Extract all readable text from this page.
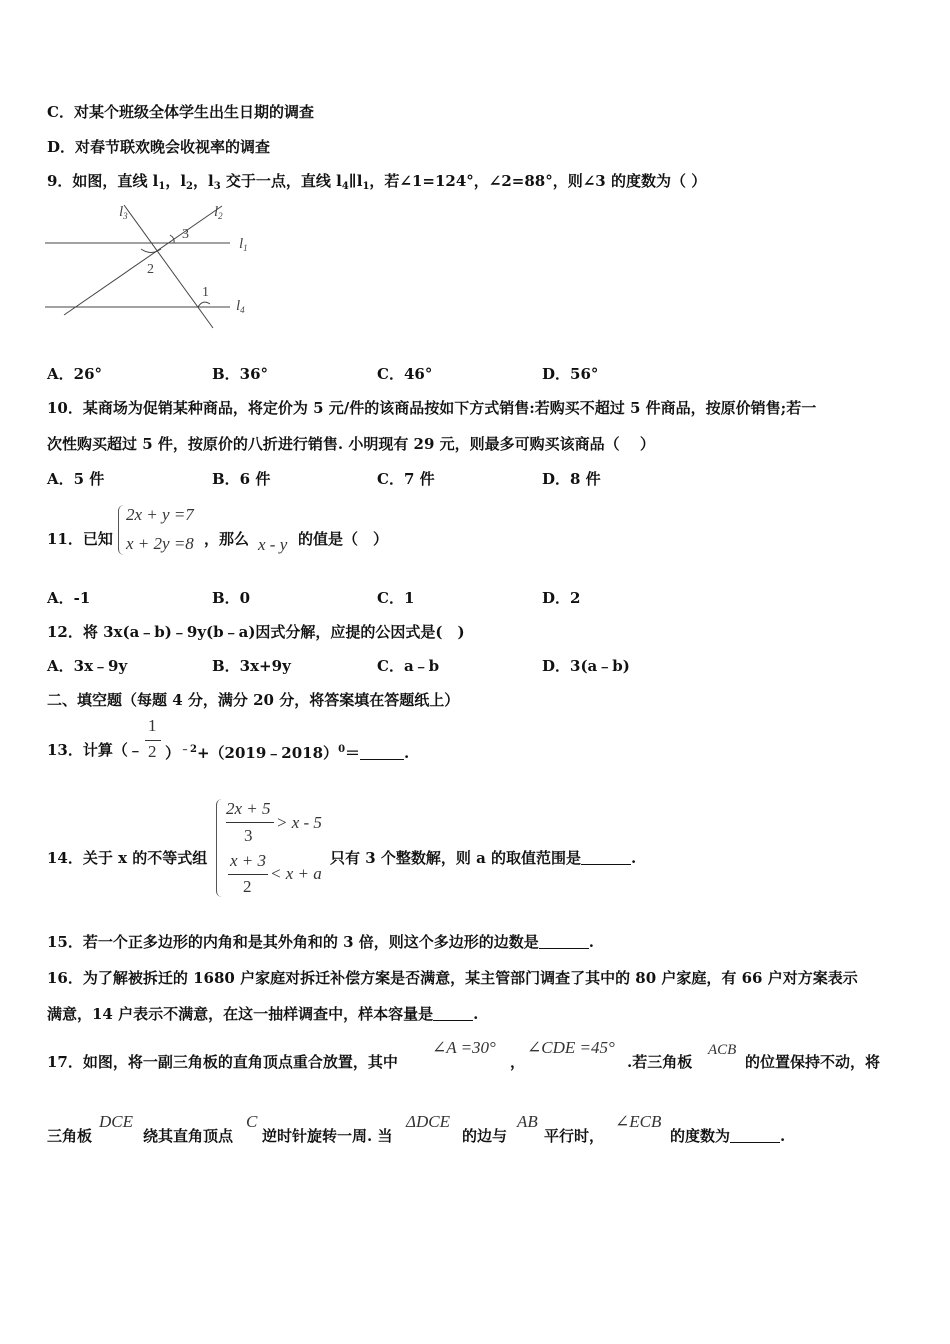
C．对某个班级全体学生出生日期的调查
D．对春节联欢晚会收视率的调查
9．如图，直线 $l_1$，$l_2$，$l_3$ 交于一点，直线 $l_4\parallel l_1$，若∠1=124°，∠2=88°，则∠3 的度数为（ ）
$l_3$	$l_2$
$l_1$
$l_4$
3
2
1
A．26°	B．36°	C．46°	D．56°
10．某商场为促销某种商品，将定价为 5 元/件的该商品按如下方式销售:若购买不超过 5 件商品，按原价销售;若一
次性购买超过 5 件，按原价的八折进行销售. 小明现有 29 元，则最多可购买该商品（　 ）
A．5 件	B．6 件	C．7 件	D．8 件
11．已知
2x + y =7
x + 2y =8 ，那么 x - y 的值是（　）
A．-1	B．0	C．1	D．2
12．将 3x(a﹣b)﹣9y(b﹣a)因式分解，应提的公因式是(　)
A．3x﹣9y	B．3x+9y	C．a﹣b	D．3(a﹣b)
二、填空题（每题 4 分，满分 20 分，将答案填在答题纸上）
13．计算（﹣
1
2 ）$^{﹣2}$+（2019﹣2018）$^0$＝	.
14．关于 x 的不等式组
2x + 5
3
> x - 5
x + 3
2
< x + a
只有 3 个整数解，则 a 的取值范围是	.
15．若一个正多边形的内角和是其外角和的 3 倍，则这个多边形的边数是	.
16．为了解被拆迁的 1680 户家庭对拆迁补偿方案是否满意，某主管部门调查了其中的 80 户家庭，有 66 户对方案表示
满意，14 户表示不满意，在这一抽样调查中，样本容量是	.
17．如图，将一副三角板的直角顶点重合放置，其中
∠A =30°
，
∠CDE =45°
.若三角板
ACB
的位置保持不动，将
三角板
DCE
绕其直角顶点
C
逆时针旋转一周. 当
ΔDCE
的边与
AB
平行时，
∠ECB
的度数为	.
